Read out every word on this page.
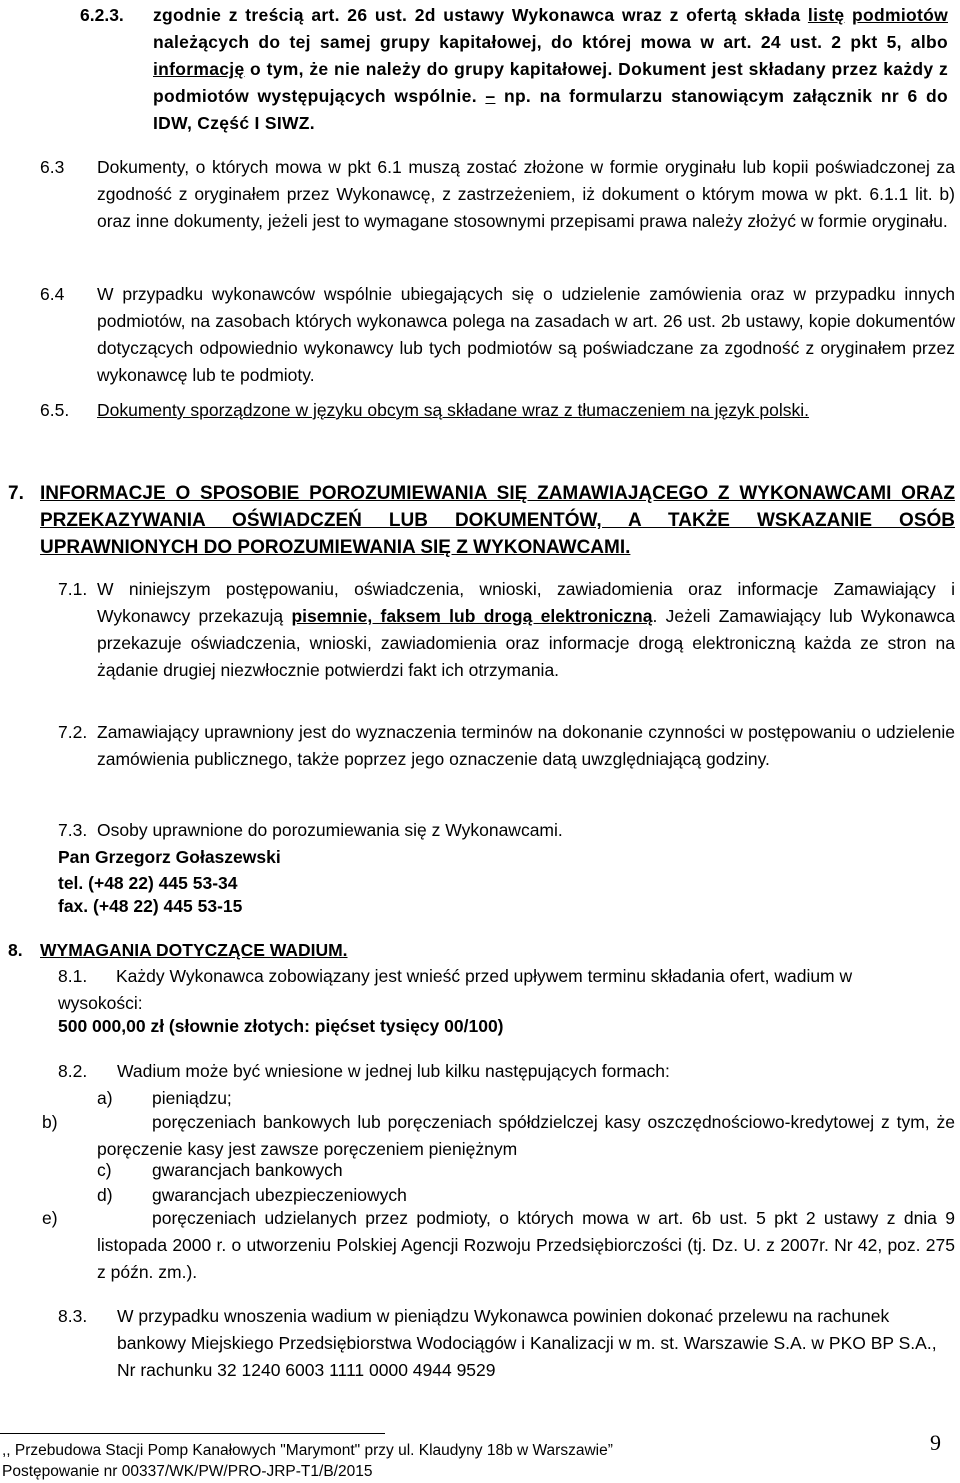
6.2.3. zgodnie z treścią art. 26 ust. 2d ustawy Wykonawca wraz z ofertą składa listę podmiotów należących do tej samej grupy kapitałowej, do której mowa w art. 24 ust. 2 pkt 5, albo informację o tym, że nie należy do grupy kapitałowej. Dokument jest składany przez każdy z podmiotów występujących wspólnie. – np. na formularzu stanowiącym załącznik nr 6 do IDW, Część I SIWZ.
6.3 Dokumenty, o których mowa w pkt 6.1 muszą zostać złożone w formie oryginału lub kopii poświadczonej za zgodność z oryginałem przez Wykonawcę, z zastrzeżeniem, iż dokument o którym mowa w pkt. 6.1.1 lit. b) oraz inne dokumenty, jeżeli jest to wymagane stosownymi przepisami prawa należy złożyć w formie oryginału.
6.4 W przypadku wykonawców wspólnie ubiegających się o udzielenie zamówienia oraz w przypadku innych podmiotów, na zasobach których wykonawca polega na zasadach w art. 26 ust. 2b ustawy, kopie dokumentów dotyczących odpowiednio wykonawcy lub tych podmiotów są poświadczane za zgodność z oryginałem przez wykonawcę lub te podmioty.
6.5. Dokumenty sporządzone w języku obcym są składane wraz z tłumaczeniem na język polski.
7. INFORMACJE O SPOSOBIE POROZUMIEWANIA SIĘ ZAMAWIAJĄCEGO Z WYKONAWCAMI ORAZ PRZEKAZYWANIA OŚWIADCZEŃ LUB DOKUMENTÓW, A TAKŻE WSKAZANIE OSÓB UPRAWNIONYCH DO POROZUMIEWANIA SIĘ Z WYKONAWCAMI.
7.1. W niniejszym postępowaniu, oświadczenia, wnioski, zawiadomienia oraz informacje Zamawiający i Wykonawcy przekazują pisemnie, faksem lub drogą elektroniczną. Jeżeli Zamawiający lub Wykonawca przekazuje oświadczenia, wnioski, zawiadomienia oraz informacje drogą elektroniczną każda ze stron na żądanie drugiej niezwłocznie potwierdzi fakt ich otrzymania.
7.2. Zamawiający uprawniony jest do wyznaczenia terminów na dokonanie czynności w postępowaniu o udzielenie zamówienia publicznego, także poprzez jego oznaczenie datą uwzględniającą godziny.
7.3. Osoby uprawnione do porozumiewania się z Wykonawcami.
Pan Grzegorz Gołaszewski
tel. (+48 22) 445 53-34
fax. (+48 22) 445 53-15
8. WYMAGANIA DOTYCZĄCE WADIUM.
8.1.	Każdy Wykonawca zobowiązany jest wnieść przed upływem terminu składania ofert, wadium w wysokości:
500 000,00 zł (słownie złotych: pięćset tysięcy 00/100)
8.2. Wadium może być wniesione w jednej lub kilku następujących formach:
a) pieniądzu;
b)	poręczeniach bankowych lub poręczeniach spółdzielczej kasy oszczędnościowo-kredytowej z tym, że poręczenie kasy jest zawsze poręczeniem pieniężnym
c) gwarancjach bankowych
d) gwarancjach ubezpieczeniowych
e)	poręczeniach udzielanych przez podmioty, o których mowa w art. 6b ust. 5 pkt 2 ustawy z dnia 9 listopada 2000 r. o utworzeniu Polskiej Agencji Rozwoju Przedsiębiorczości (tj. Dz. U. z 2007r. Nr 42, poz. 275 z późn. zm.).
8.3. W przypadku wnoszenia wadium w pieniądzu Wykonawca powinien dokonać przelewu na rachunek bankowy Miejskiego Przedsiębiorstwa Wodociągów i Kanalizacji w m. st. Warszawie S.A. w PKO BP S.A., Nr rachunku 32 1240 6003 1111 0000 4944 9529
,, Przebudowa Stacji Pomp Kanałowych "Marymont" przy ul. Klaudyny 18b w Warszawie”
Postępowanie nr 00337/WK/PW/PRO-JRP-T1/B/2015
9
